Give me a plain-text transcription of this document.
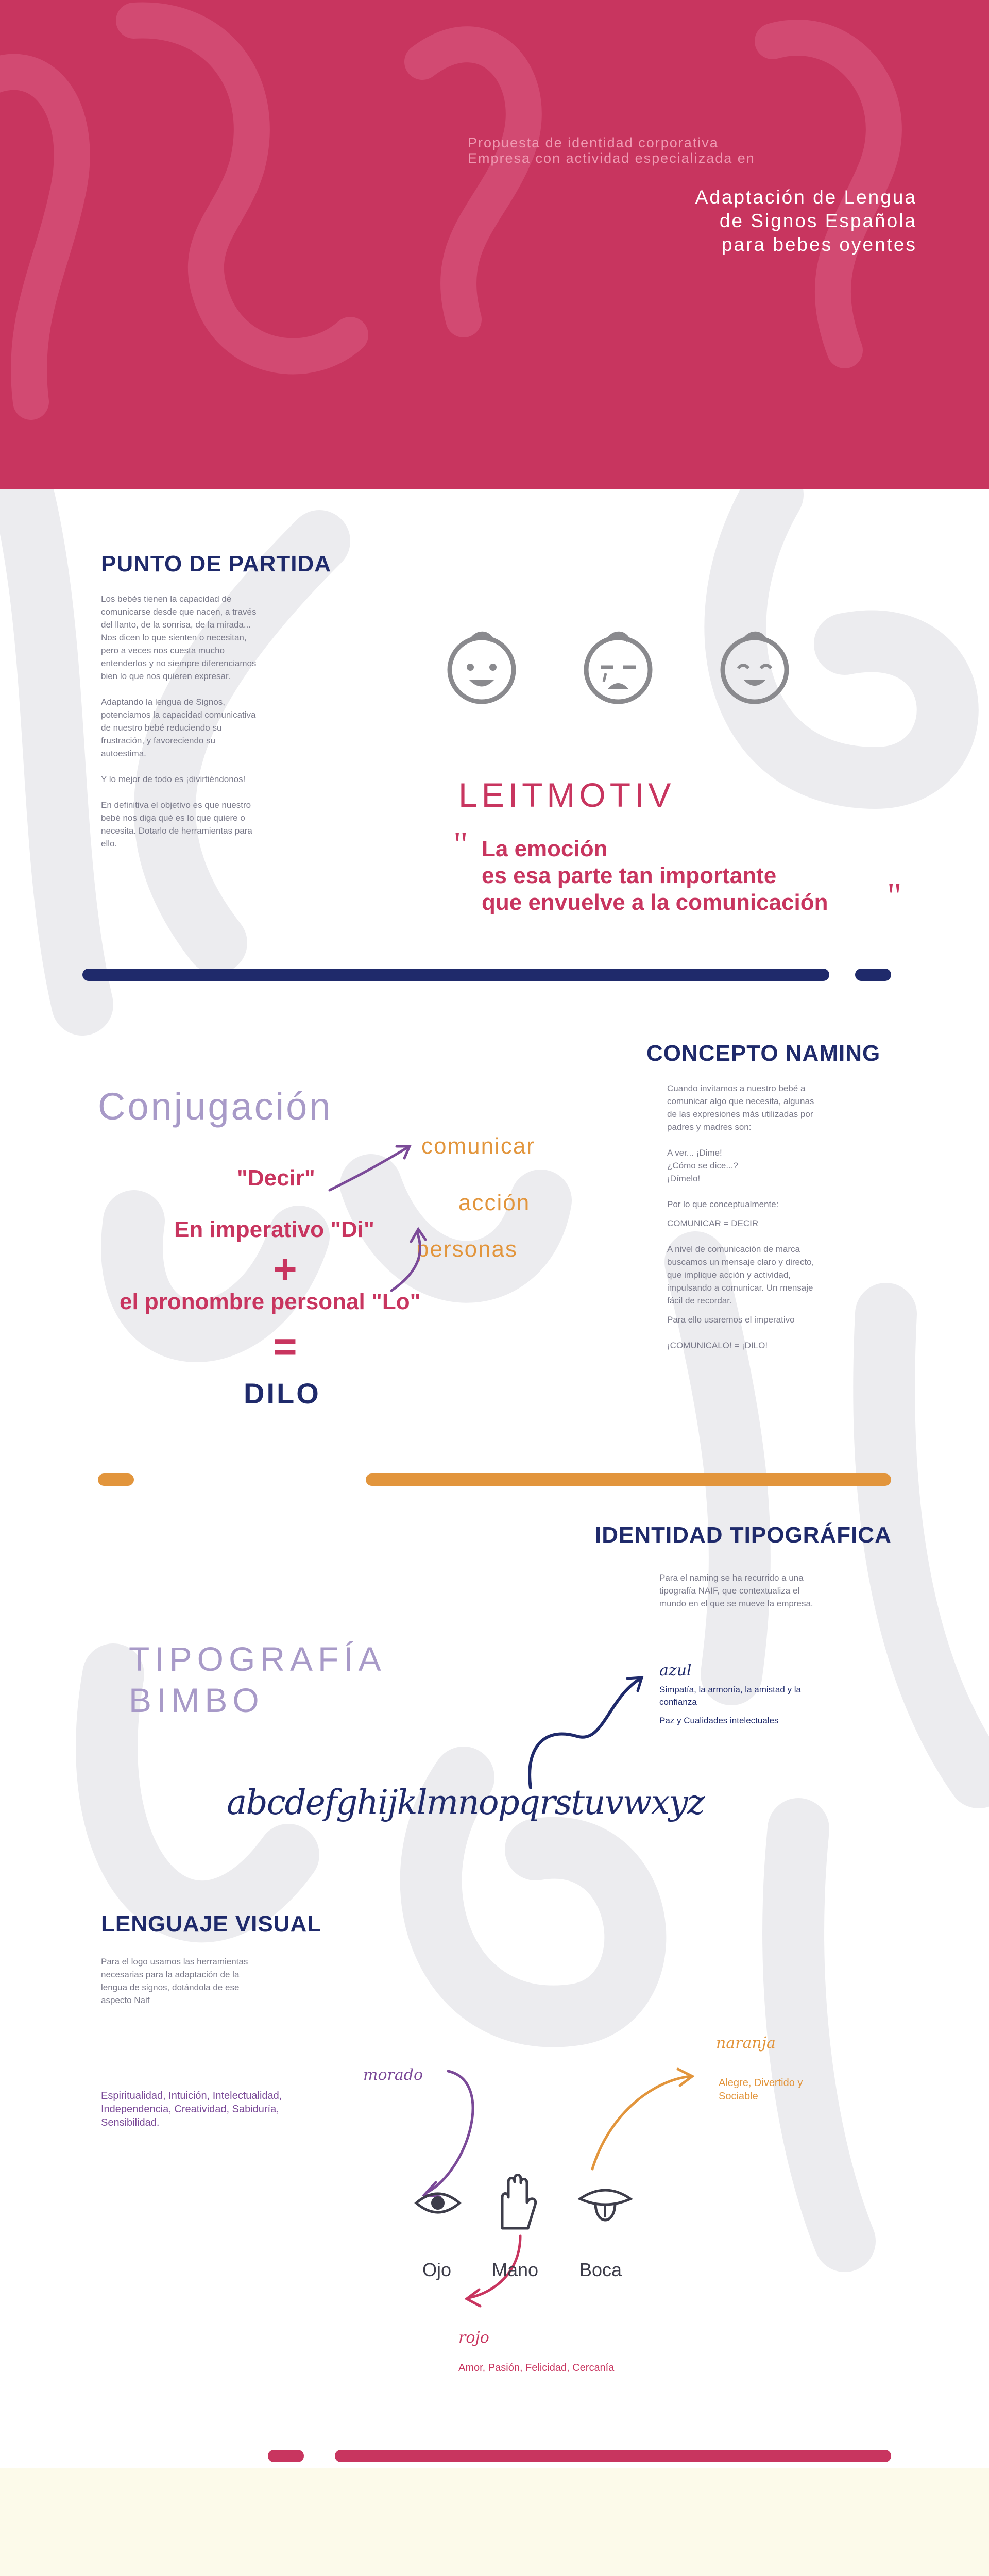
Propuesta de identidad corporativa
Empresa con actividad especializada en
Adaptación de Lengua
de Signos Española
para bebes oyentes
PUNTO DE PARTIDA
Los bebés tienen la capacidad de
comunicarse desde que nacen, a través
del llanto, de la sonrisa, de la mirada...
Nos dicen lo que sienten o necesitan,
pero a veces nos cuesta mucho
entenderlos y no siempre diferenciamos
bien lo que nos quieren expresar.
Adaptando la lengua de Signos,
potenciamos la capacidad comunicativa
de nuestro bebé reduciendo su
frustración, y favoreciendo su
autoestima.
Y lo mejor de todo es ¡divirtiéndonos!
En definitiva el objetivo es que nuestro
bebé nos diga qué es lo que quiere o
necesita. Dotarlo de herramientas para
ello.
LEITMOTIV
" La emoción
es esa parte tan importante
que envuelve a la comunicación "
Conjugación
"Decir"
En imperativo "Di"
+
el pronombre personal "Lo"
=
DILO
comunicar
acción
personas
CONCEPTO NAMING
Cuando invitamos a nuestro bebé a
comunicar algo que necesita, algunas
de las expresiones más utilizadas por
padres y madres son:
A ver... ¡Dime!
¿Cómo se dice...?
¡Dímelo!
Por lo que conceptualmente:
COMUNICAR = DECIR
A nivel de comunicación de marca
buscamos un mensaje claro y directo,
que implique acción y actividad,
impulsando a comunicar. Un mensaje
fácil de recordar.
Para ello usaremos el imperativo
¡COMUNICALO! = ¡DILO!
IDENTIDAD TIPOGRÁFICA
Para el naming se ha recurrido a una
tipografía NAIF, que contextualiza el
mundo en el que se mueve la empresa.
TIPOGRAFÍA
BIMBO
abcdefghijklmnopqrstuvwxyz
azul
Simpatía, la armonía, la amistad y la
confianza
Paz y Cualidades intelectuales
LENGUAJE VISUAL
Para el logo usamos las herramientas
necesarias para la adaptación de la
lengua de signos, dotándola de ese
aspecto Naif
Espiritualidad, Intuición, Intelectualidad,
Independencia, Creatividad, Sabiduría,
Sensibilidad.
morado
naranja
Alegre, Divertido y
Sociable
Ojo Mano Boca
rojo
Amor, Pasión, Felicidad, Cercanía
